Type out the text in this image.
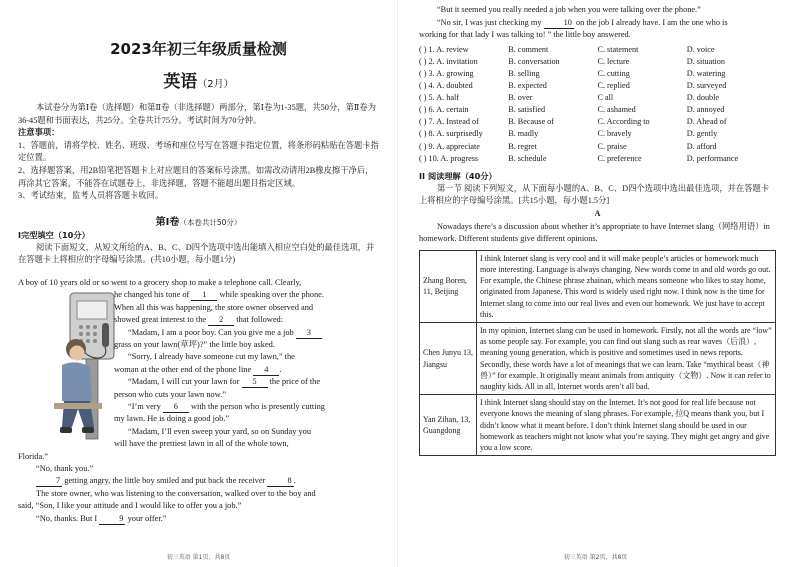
2023年初三年级质量检测
英语（2月）

本试卷分为第Ⅰ卷（选择题）和第Ⅱ卷（非选择题）两部分，第Ⅰ卷为1-35题，共50分，第Ⅱ卷为36-45题和书面表达，共25分。全卷共计75分。考试时间为70分钟。

注意事项：

1、答题前，请将学校、姓名、班级、考场和座位号写在答题卡指定位置，将条形码粘贴在答题卡指定位置。

2、选择题答案，用2B铅笔把答题卡上对应题目的答案标号涂黑。如需改动请用2B橡皮擦干净后，再涂其它答案，不能答在试题卷上，非选择题，答题不能超出题目指定区域。

3、考试结束，监考人员将答题卡收回。

第Ⅰ卷（本卷共计50分）
Ⅰ完型填空（10分）

阅读下面短文，从短文所给的A、B、C、D四个选项中选出能填入相应空白处的最佳选项，并在答题卡上将相应的字母编号涂黑。(共10小题，每小题1分)

A boy of 10 years old or so went to a grocery shop to make a telephone call. Clearly,

he changed his tone of 1 while speaking over the phone.

When all this was happening, the store owner observed and

showed great interest to the 2 that followed:

“Madam, I am a poor boy. Can you give me a job 3

grass on your lawn(草坪)?” the little boy asked.

“Sorry, I already have someone cut my lawn,” the

woman at the other end of the phone line 4 .

“Madam, I will cut your lawn for 5 the price of the

person who cuts your lawn now.”

“I’m very 6 with the person who is presently cutting

my lawn. He is doing a good job.”

“Madam, I’ll even sweep your yard, so on Sunday you

will have the prettiest lawn in all of the whole town,

Florida.”

“No, thank you.”

7 getting angry, the little boy smiled and put back the receiver	8 .

The store owner, who was listening to the conversation, walked over to the boy and

said, “Son, I like your attitude and I would like to offer you a job.”

“No, thanks. But I	9 your offer.”

初三英语 第1页，共8页

“But it seemed you really needed a job when you were talking over the phone.”

“No sir, I was just checking my	10 on the job I already have. I am the one who is

working for that lady I was talking to! ” the little boy answered.

( ) 1. A. review	B. comment	C. statement	D. voice
( ) 2. A. invitation	B. conversation	C. lecture	D. situation
( ) 3. A. growing	B. selling	C. cutting	D. watering
( ) 4. A. doubted	B. expected	C. replied	D. surveyed
( ) 5. A. half	B. over	C all	D. double
( ) 6. A. certain	B. satisfied	C. ashamed	D. annoyed
( ) 7. A. Instead of	B. Because of	C. According to	D. Ahead of
( ) 8. A. surprisedly	B. madly	C. bravely	D. gently
( ) 9. A. appreciate	B. regret	C. praise	D. afford
( ) 10. A. progress	B. schedule	C. preference	D. performance
II 阅读理解（40分）

第一节 阅读下列短文，从下面每小题的A、B、C、D四个选项中选出最佳选项，并在答题卡上将相应的字母编号涂黑。[共15小题，每小题1.5分]

A

Nowadays there’s a discussion about whether it’s appropriate to have Internet slang（网络用语）in homework. Different students give different opinions.

Zhang Boren, 11, Beijing	I think Internet slang is very cool and it will make people’s articles or homework much more interesting. Language is always changing. New words come in and old words go out. For example, the Chinese phrase zhainan, which means someone who likes to stay home, originated from Japanese. This word is widely used right now. I think now is the time for Internet slang to come into our real lives and even our homework. We just have to accept this.
Chen Junyu 13, Jiangsu	In my opinion, Internet slang can be used in homework. Firstly, not all the words are “low” as some people say. For example, you can find out slang such as rear waves（后浪）, meaning young generation, which is positive and sometimes used in news reports. Secondly, these words have a lot of meanings that we can learn. Take “mythical beast（神兽）” for example. It originally meant animals from antiquity（文物）. Now it can refer to naughty kids. All in all, Internet words aren’t all bad.
Yan Zihan, 13, Guangdong	I think Internet slang should stay on the Internet. It’s not good for real life because not everyone knows the meaning of slang phrases. For example, 拉Q means thank you, but I didn’t know what it meant before. I don’t think Internet slang should be used in our homework as teachers might not know what you’re saying. They might get angry and give you a low score.
初三英语 第2页，共8页
